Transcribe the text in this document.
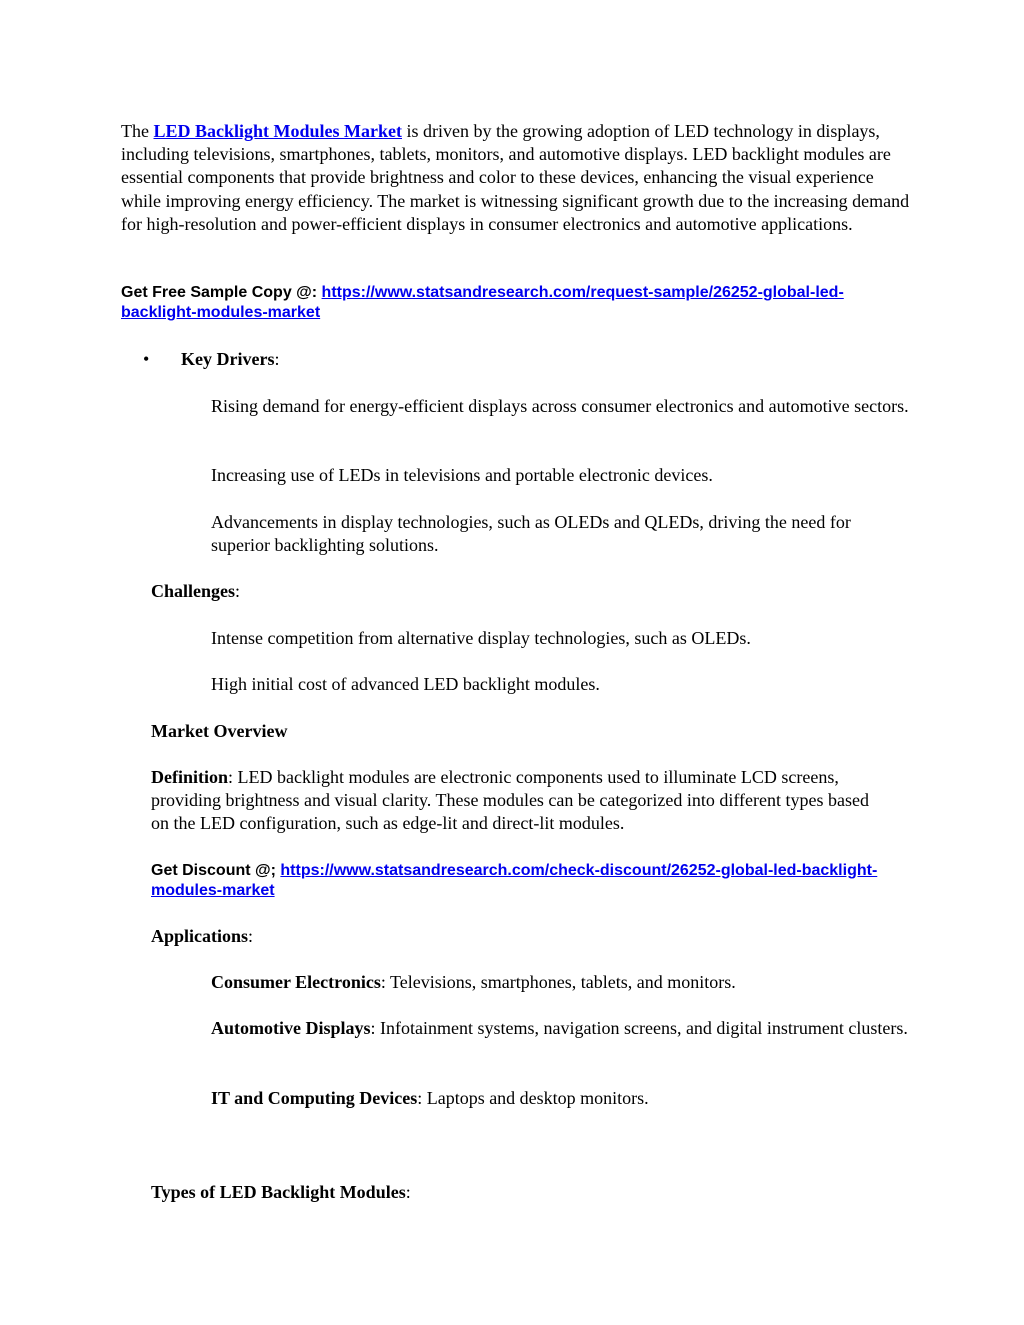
The LED Backlight Modules Market is driven by the growing adoption of LED technology in displays, including televisions, smartphones, tablets, monitors, and automotive displays. LED backlight modules are essential components that provide brightness and color to these devices, enhancing the visual experience while improving energy efficiency. The market is witnessing significant growth due to the increasing demand for high-resolution and power-efficient displays in consumer electronics and automotive applications.

Get Free Sample Copy @: https://www.statsandresearch.com/request-sample/26252-global-led-backlight-modules-market

•	Key Drivers:

Rising demand for energy-efficient displays across consumer electronics and automotive sectors.

Increasing use of LEDs in televisions and portable electronic devices.

Advancements in display technologies, such as OLEDs and QLEDs, driving the need for superior backlighting solutions.

Challenges:

Intense competition from alternative display technologies, such as OLEDs.

High initial cost of advanced LED backlight modules.

Market Overview

Definition: LED backlight modules are electronic components used to illuminate LCD screens, providing brightness and visual clarity. These modules can be categorized into different types based on the LED configuration, such as edge-lit and direct-lit modules.

Get Discount @; https://www.statsandresearch.com/check-discount/26252-global-led-backlight-modules-market

Applications:

Consumer Electronics: Televisions, smartphones, tablets, and monitors.

Automotive Displays: Infotainment systems, navigation screens, and digital instrument clusters.

IT and Computing Devices: Laptops and desktop monitors.

Types of LED Backlight Modules:
